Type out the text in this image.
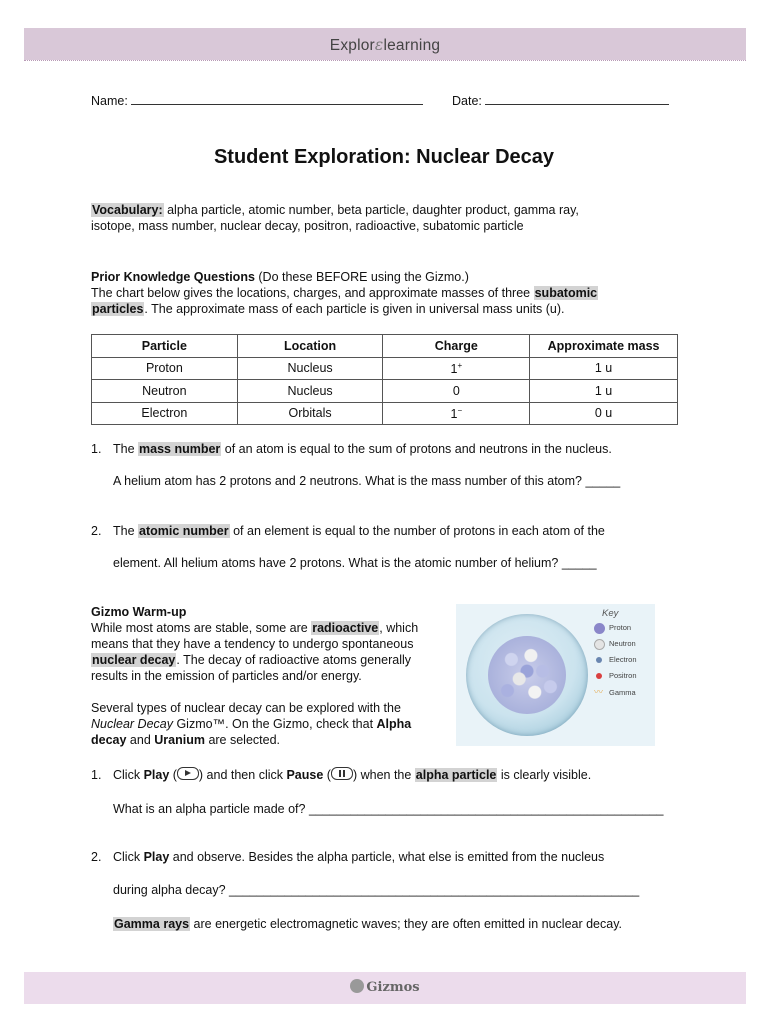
Explorɛlearning
Name:	Date:
Student Exploration: Nuclear Decay
Vocabulary: alpha particle, atomic number, beta particle, daughter product, gamma ray,
isotope, mass number, nuclear decay, positron, radioactive, subatomic particle
Prior Knowledge Questions (Do these BEFORE using the Gizmo.)
The chart below gives the locations, charges, and approximate masses of three subatomic
particles. The approximate mass of each particle is given in universal mass units (u).
Particle	Location	Charge	Approximate mass
Proton	Nucleus	1+	1 u
Neutron	Nucleus	0	1 u
Electron	Orbitals	1−	0 u
1. The mass number of an atom is equal to the sum of protons and neutrons in the nucleus.
A helium atom has 2 protons and 2 neutrons. What is the mass number of this atom? _____
2. The atomic number of an element is equal to the number of protons in each atom of the
element. All helium atoms have 2 protons. What is the atomic number of helium? _____
Gizmo Warm-up
While most atoms are stable, some are radioactive, which
means that they have a tendency to undergo spontaneous
nuclear decay. The decay of radioactive atoms generally
results in the emission of particles and/or energy.
Several types of nuclear decay can be explored with the
Nuclear Decay Gizmo™. On the Gizmo, check that Alpha
decay and Uranium are selected.
Key
Proton
Neutron
Electron
Positron
〰 Gamma
1. Click Play ( ) and then click Pause ( ) when the alpha particle is clearly visible.
What is an alpha particle made of? ___________________________________________________
2. Click Play and observe. Besides the alpha particle, what else is emitted from the nucleus
during alpha decay? ___________________________________________________________
Gamma rays are energetic electromagnetic waves; they are often emitted in nuclear decay.
Gizmos
